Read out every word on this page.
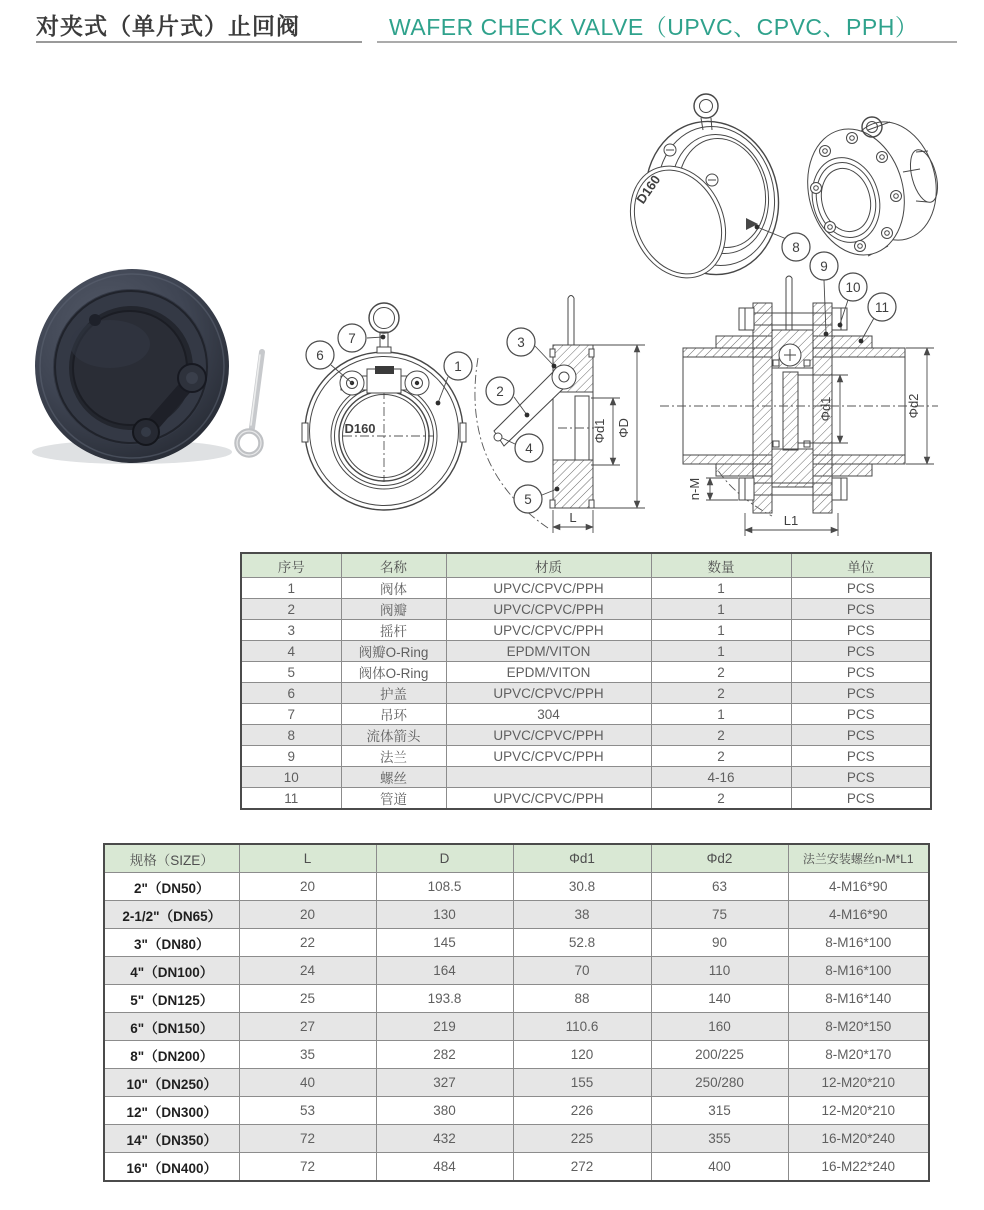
对夹式（单片式）止回阀	WAFER CHECK VALVE（UPVC、CPVC、PPH）
D160
7
6
1
Φd1 ΦD
L
3
2
4
5
D160
8
Φd1	Φd2
n-M
L1
9
10
11
序号	名称	材质	数量	单位
1	阀体	UPVC/CPVC/PPH	1	PCS
2	阀瓣	UPVC/CPVC/PPH	1	PCS
3	摇杆	UPVC/CPVC/PPH	1	PCS
4	阀瓣O-Ring	EPDM/VITON	1	PCS
5	阀体O-Ring	EPDM/VITON	2	PCS
6	护盖	UPVC/CPVC/PPH	2	PCS
7	吊环	304	1	PCS
8	流体箭头	UPVC/CPVC/PPH	2	PCS
9	法兰	UPVC/CPVC/PPH	2	PCS
10	螺丝		4-16	PCS
11	管道	UPVC/CPVC/PPH	2	PCS
规格（SIZE）	L	D	Φd1	Φd2	法兰安装螺丝n-M*L1
2"（DN50）	20	108.5	30.8	63	4-M16*90
2-1/2"（DN65）	20	130	38	75	4-M16*90
3"（DN80）	22	145	52.8	90	8-M16*100
4"（DN100）	24	164	70	110	8-M16*100
5"（DN125）	25	193.8	88	140	8-M16*140
6"（DN150）	27	219	110.6	160	8-M20*150
8"（DN200）	35	282	120	200/225	8-M20*170
10"（DN250）	40	327	155	250/280	12-M20*210
12"（DN300）	53	380	226	315	12-M20*210
14"（DN350）	72	432	225	355	16-M20*240
16"（DN400）	72	484	272	400	16-M22*240
